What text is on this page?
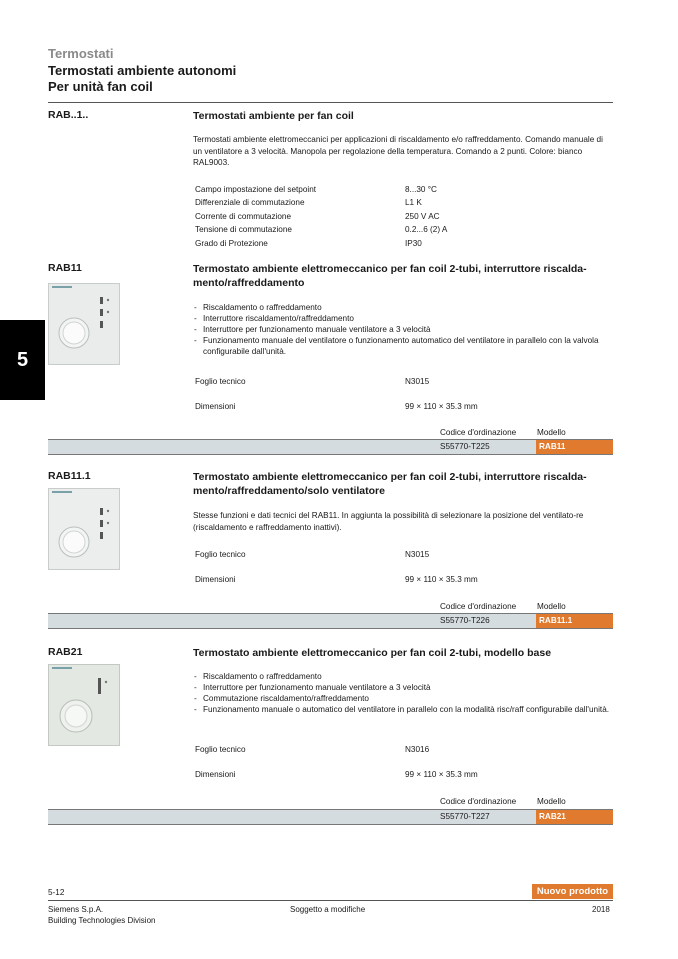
Termostati
Termostati ambiente autonomi
Per unità fan coil
5
RAB..1..	Termostati ambiente per fan coil
Termostati ambiente elettromeccanici per applicazioni di riscaldamento e/o raffreddamento. Comando manuale di un ventilatore a 3 velocità. Manopola per regolazione della temperatura. Comando a 2 punti. Colore: bianco RAL9003.
Campo impostazione del setpoint	8...30 °C
Differenziale di commutazione	L1 K
Corrente di commutazione	250 V AC
Tensione di commutazione	0.2...6 (2) A
Grado di Protezione	IP30
RAB11	Termostato ambiente elettromeccanico per fan coil 2-tubi, interruttore riscalda-mento/raffreddamento
- Riscaldamento o raffreddamento
- Interruttore riscaldamento/raffreddamento
- Interruttore per funzionamento manuale ventilatore a 3 velocità
- Funzionamento manuale del ventilatore o funzionamento automatico del ventilatore in parallelo con la valvola configurabile dall'unità.
Foglio tecnico	N3015
Dimensioni	99 × 110 × 35.3 mm
Codice d'ordinazione	Modello
S55770-T225	RAB11
RAB11.1	Termostato ambiente elettromeccanico per fan coil 2-tubi, interruttore riscalda-mento/raffreddamento/solo ventilatore
Stesse funzioni e dati tecnici del RAB11. In aggiunta la possibilità di selezionare la posizione del ventilato-re (riscaldamento e raffreddamento inattivi).
Foglio tecnico	N3015
Dimensioni	99 × 110 × 35.3 mm
Codice d'ordinazione	Modello
S55770-T226	RAB11.1
RAB21	Termostato ambiente elettromeccanico per fan coil 2-tubi, modello base
- Riscaldamento o raffreddamento
- Interruttore per funzionamento manuale ventilatore a 3 velocità
- Commutazione riscaldamento/raffreddamento
- Funzionamento manuale o automatico del ventilatore in parallelo con la modalità risc/raff configurabile dall'unità.
Foglio tecnico	N3016
Dimensioni	99 × 110 × 35.3 mm
Codice d'ordinazione	Modello
S55770-T227	RAB21
5-12	Nuovo prodotto
Siemens S.p.A.
Building Technologies Division
Soggetto a modifiche	2018
